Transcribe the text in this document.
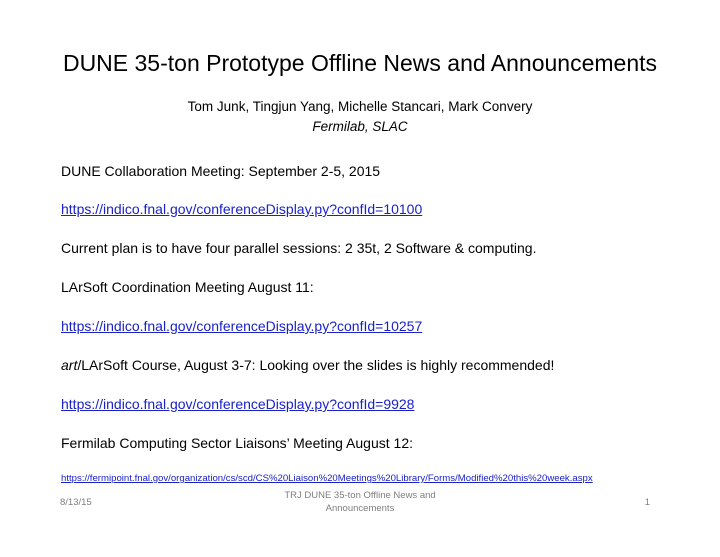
DUNE 35-ton Prototype Offline News and Announcements
Tom Junk, Tingjun Yang, Michelle Stancari, Mark Convery
Fermilab, SLAC
DUNE Collaboration Meeting: September 2-5, 2015
https://indico.fnal.gov/conferenceDisplay.py?confId=10100
Current plan is to have four parallel sessions: 2 35t, 2 Software & computing.
LArSoft Coordination Meeting August 11:
https://indico.fnal.gov/conferenceDisplay.py?confId=10257
art/LArSoft Course, August 3-7: Looking over the slides is highly recommended!
https://indico.fnal.gov/conferenceDisplay.py?confId=9928
Fermilab Computing Sector Liaisons’ Meeting August 12:
https://fermipoint.fnal.gov/organization/cs/scd/CS%20Liaison%20Meetings%20Library/Forms/Modified%20this%20week.aspx
8/13/15
TRJ DUNE 35-ton Offline News and
Announcements
1
